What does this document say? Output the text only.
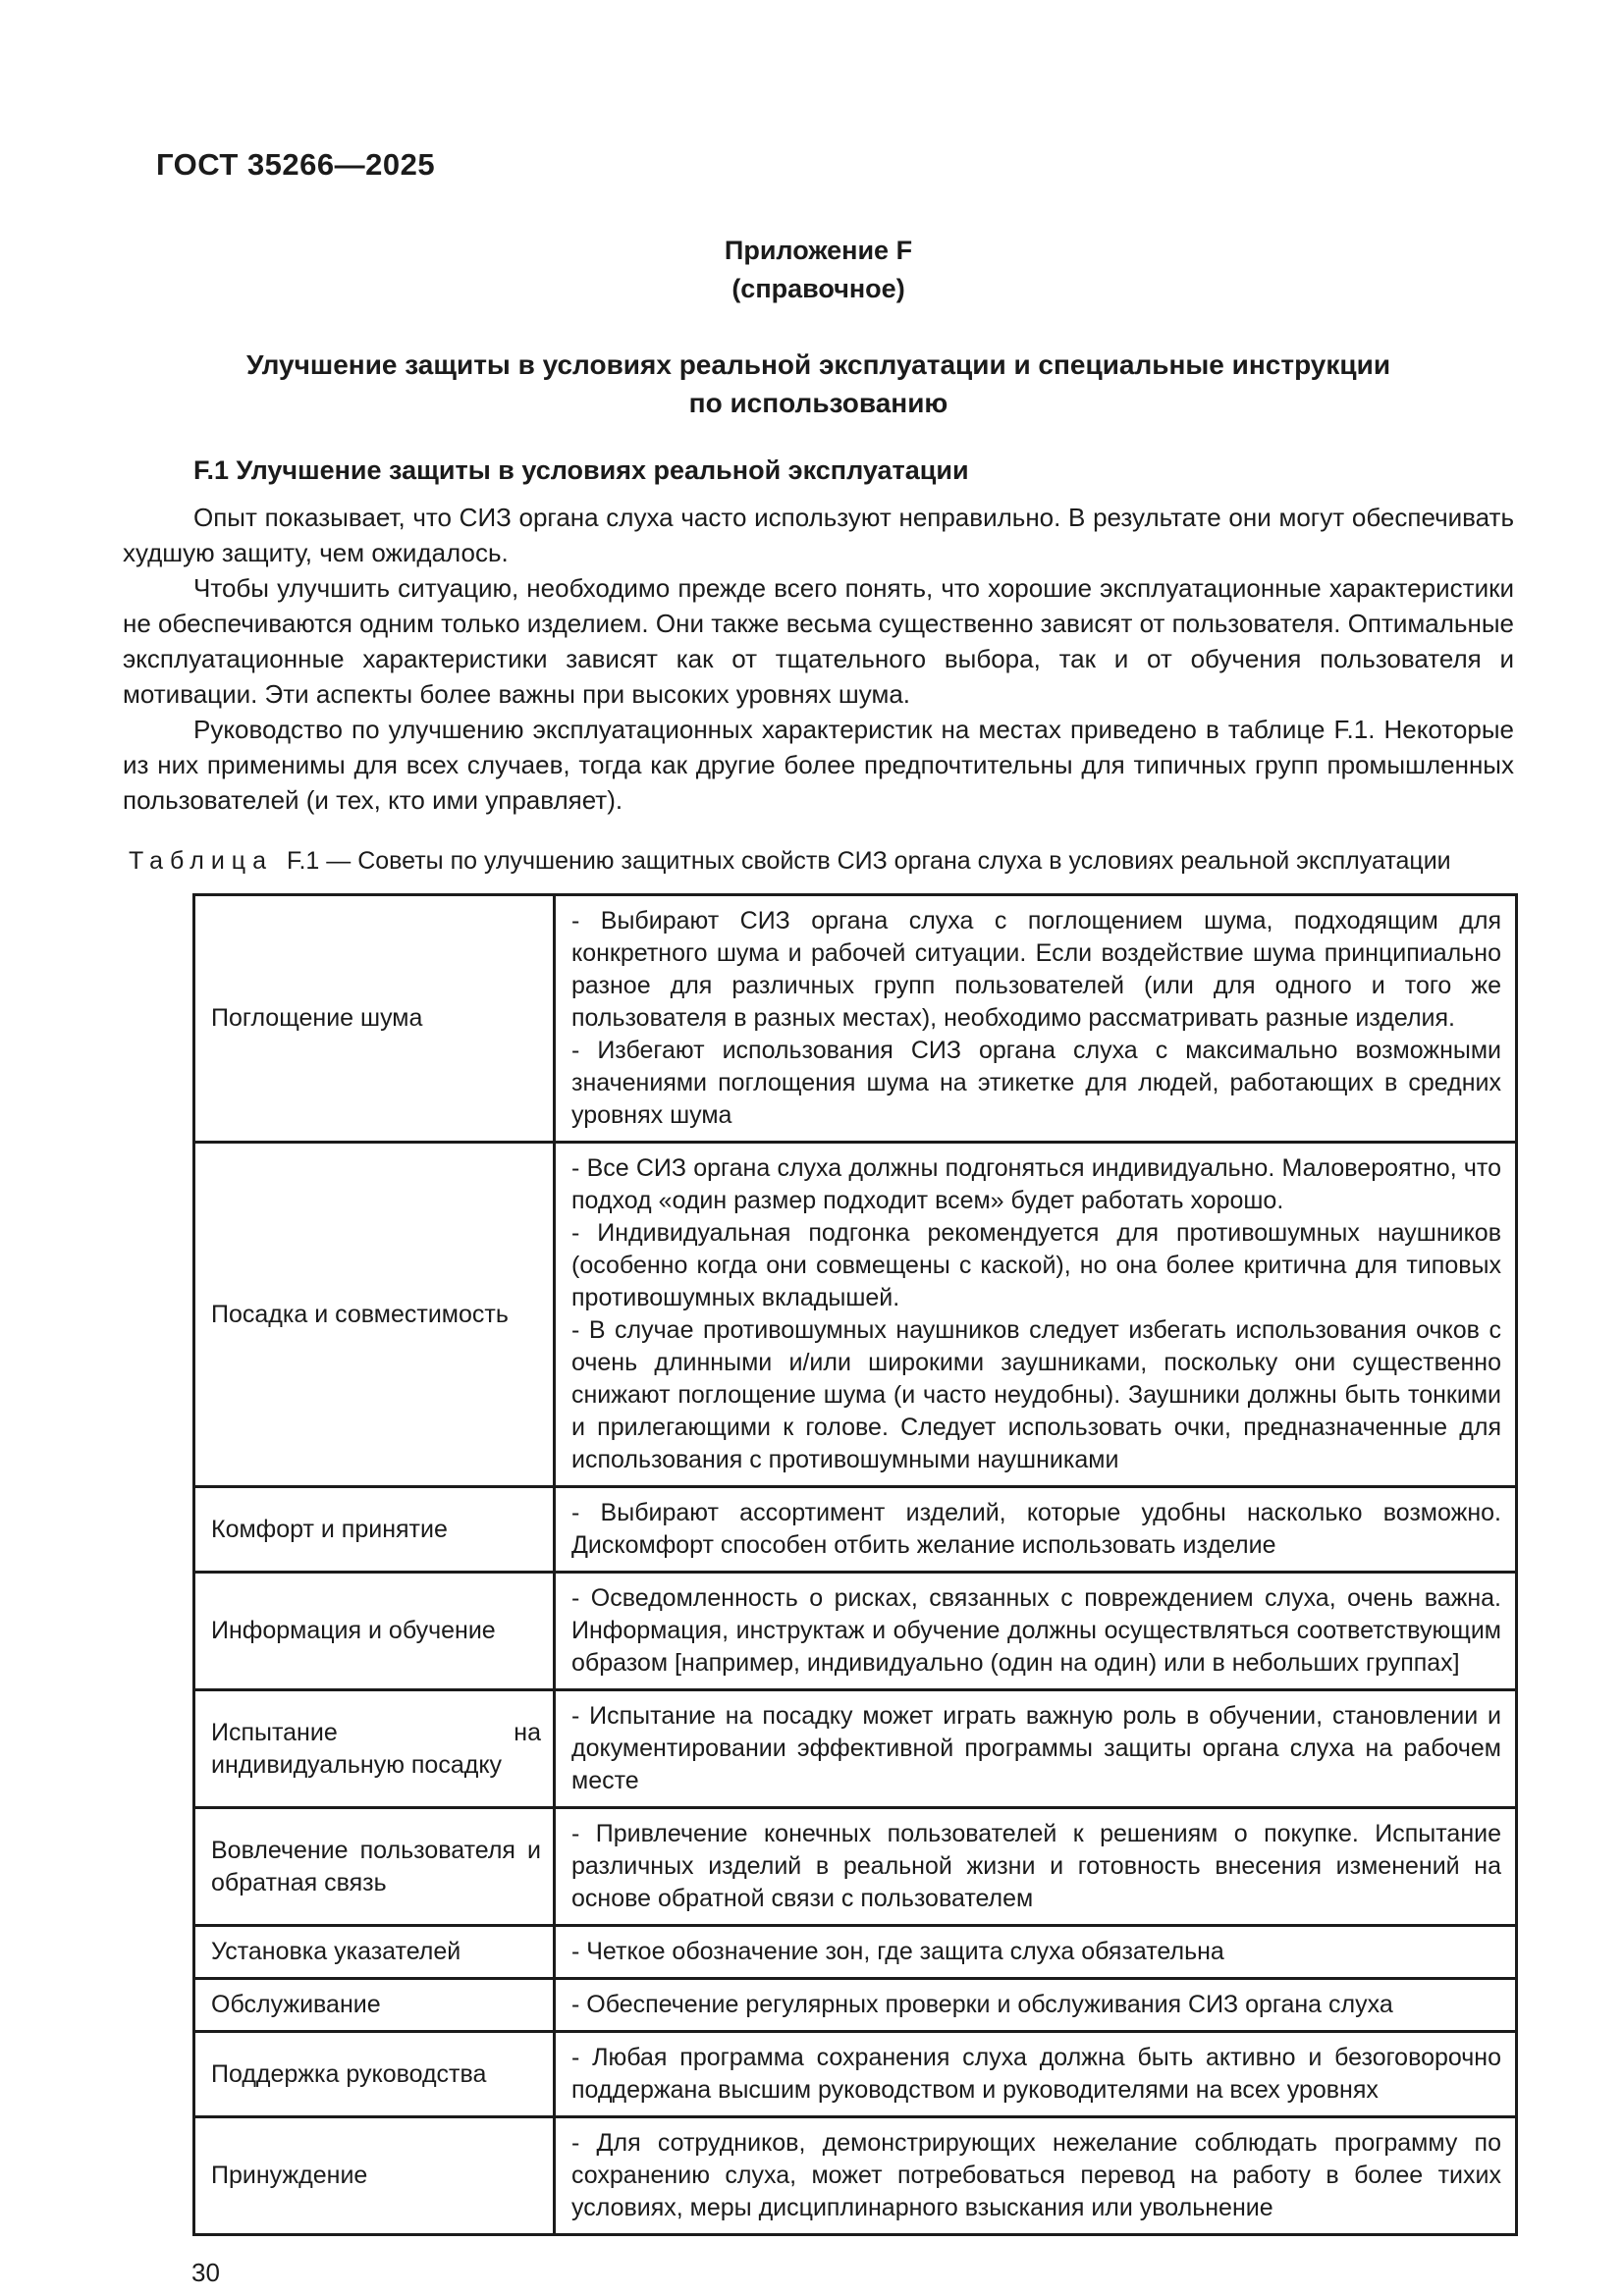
ГОСТ 35266—2025
Приложение F
(справочное)
Улучшение защиты в условиях реальной эксплуатации и специальные инструкции
по использованию
F.1 Улучшение защиты в условиях реальной эксплуатации

Опыт показывает, что СИЗ органа слуха часто используют неправильно. В результате они могут обеспечивать худшую защиту, чем ожидалось.

Чтобы улучшить ситуацию, необходимо прежде всего понять, что хорошие эксплуатационные характеристики не обеспечиваются одним только изделием. Они также весьма существенно зависят от пользователя. Оптимальные эксплуатационные характеристики зависят как от тщательного выбора, так и от обучения пользователя и мотивации. Эти аспекты более важны при высоких уровнях шума.

Руководство по улучшению эксплуатационных характеристик на местах приведено в таблице F.1. Некоторые из них применимы для всех случаев, тогда как другие более предпочтительны для типичных групп промышленных пользователей (и тех, кто ими управляет).

Таблица F.1 — Советы по улучшению защитных свойств СИЗ органа слуха в условиях реальной эксплуатации

Поглощение шума	- Выбирают СИЗ органа слуха с поглощением шума, подходящим для конкретного шума и рабочей ситуации. Если воздействие шума принципиально разное для различных групп пользователей (или для одного и того же пользователя в разных местах), необходимо рассматривать разные изделия.

- Избегают использования СИЗ органа слуха с максимально возможными значениями поглощения шума на этикетке для людей, работающих в средних уровнях шума

Посадка и совместимость	- Все СИЗ органа слуха должны подгоняться индивидуально. Маловероятно, что подход «один размер подходит всем» будет работать хорошо.

- Индивидуальная подгонка рекомендуется для противошумных наушников (особенно когда они совмещены с каской), но она более критична для типовых противошумных вкладышей.

- В случае противошумных наушников следует избегать использования очков с очень длинными и/или широкими заушниками, поскольку они существенно снижают поглощение шума (и часто неудобны). Заушники должны быть тонкими и прилегающими к голове. Следует использовать очки, предназначенные для использования с противошумными наушниками

Комфорт и принятие	- Выбирают ассортимент изделий, которые удобны насколько возможно. Дискомфорт способен отбить желание использовать изделие

Информация и обучение	- Осведомленность о рисках, связанных с повреждением слуха, очень важна. Информация, инструктаж и обучение должны осуществляться соответствующим образом [например, индивидуально (один на один) или в небольших группах]

Испытание на индивидуальную посадку	- Испытание на посадку может играть важную роль в обучении, становлении и документировании эффективной программы защиты органа слуха на рабочем месте

Вовлечение пользователя и обратная связь	- Привлечение конечных пользователей к решениям о покупке. Испытание различных изделий в реальной жизни и готовность внесения изменений на основе обратной связи с пользователем

Установка указателей	- Четкое обозначение зон, где защита слуха обязательна

Обслуживание	- Обеспечение регулярных проверки и обслуживания СИЗ органа слуха

Поддержка руководства	- Любая программа сохранения слуха должна быть активно и безоговорочно поддержана высшим руководством и руководителями на всех уровнях

Принуждение	- Для сотрудников, демонстрирующих нежелание соблюдать программу по сохранению слуха, может потребоваться перевод на работу в более тихих условиях, меры дисциплинарного взыскания или увольнение

30
